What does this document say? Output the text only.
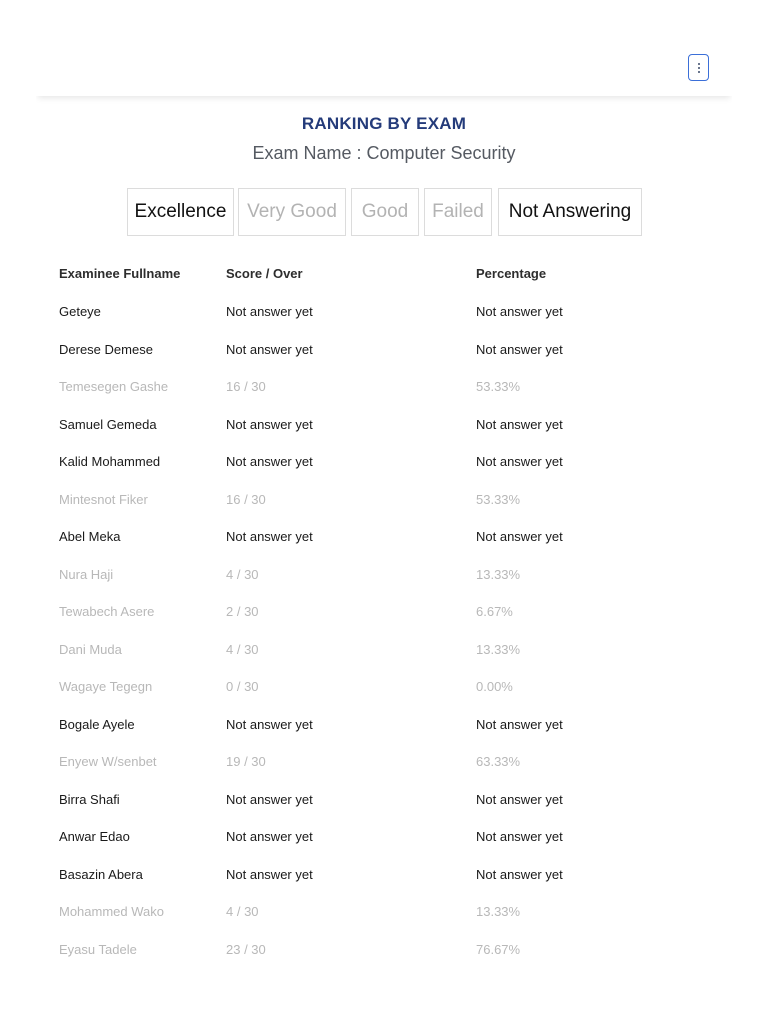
RANKING BY EXAM
Exam Name : Computer Security
Excellence	Very Good	Good	Failed	Not Answering
Examinee Fullname	Score / Over	Percentage
Geteye	Not answer yet	Not answer yet
Derese Demese	Not answer yet	Not answer yet
Temesegen Gashe	16 / 30	53.33%
Samuel Gemeda	Not answer yet	Not answer yet
Kalid Mohammed	Not answer yet	Not answer yet
Mintesnot Fiker	16 / 30	53.33%
Abel Meka	Not answer yet	Not answer yet
Nura Haji	4 / 30	13.33%
Tewabech Asere	2 / 30	6.67%
Dani Muda	4 / 30	13.33%
Wagaye Tegegn	0 / 30	0.00%
Bogale Ayele	Not answer yet	Not answer yet
Enyew W/senbet	19 / 30	63.33%
Birra Shafi	Not answer yet	Not answer yet
Anwar Edao	Not answer yet	Not answer yet
Basazin Abera	Not answer yet	Not answer yet
Mohammed Wako	4 / 30	13.33%
Eyasu Tadele	23 / 30	76.67%
